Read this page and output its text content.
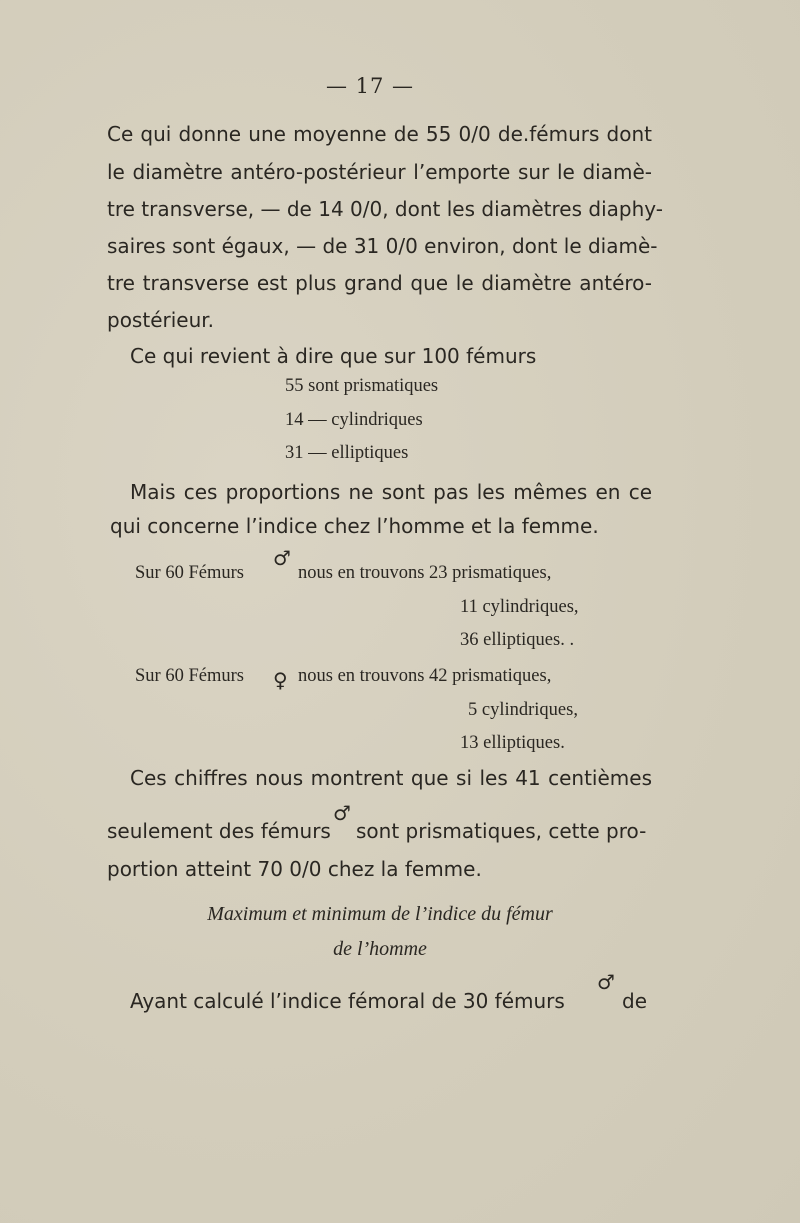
— 17 —
Ce qui donne une moyenne de 55 0/0 de.fémurs dont
le diamètre antéro-postérieur l’emporte sur le diamè-
tre transverse, — de 14 0/0, dont les diamètres diaphy-
saires sont égaux, — de 31 0/0 environ, dont le diamè-
tre transverse est plus grand que le diamètre antéro-
postérieur.
Ce qui revient à dire que sur 100 fémurs
55 sont prismatiques
14 — cylindriques
31 — elliptiques
Mais ces proportions ne sont pas les mêmes en ce
qui concerne l’indice chez l’homme et la femme.
♂
Sur 60 Fémurs	nous en trouvons 23 prismatiques,
11 cylindriques,
36 elliptiques. .
Sur 60 Fémurs ♀ nous en trouvons 42 prismatiques,
5 cylindriques,
13 elliptiques.
Ces chiffres nous montrent que si les 41 centièmes
seulement des fémurs
♂
sont prismatiques, cette pro-
portion atteint 70 0/0 chez la femme.
Maximum et minimum de l’indice du fémur
de l’homme
Ayant calculé l’indice fémoral de 30 fémurs
♂
de
